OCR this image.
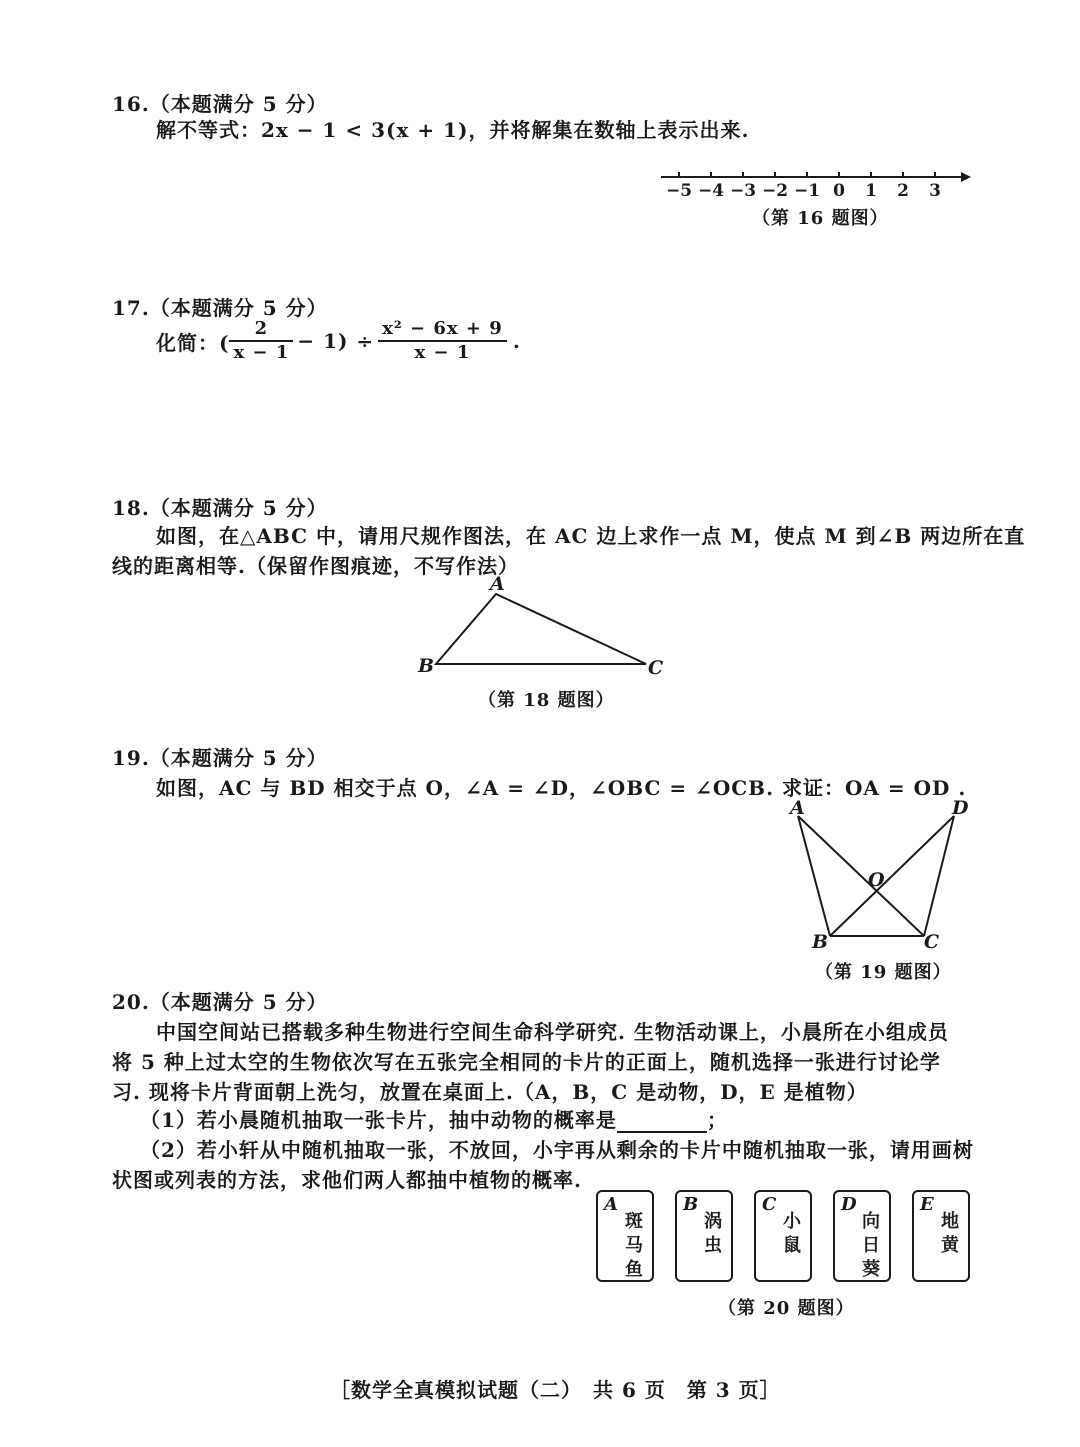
16.（本题满分 5 分）
解不等式：2x − 1 < 3(x + 1)，并将解集在数轴上表示出来.
−5 −4 −3 −2 −1 0 1 2 3
（第 16 题图）
17.（本题满分 5 分）
化简：( $\frac{2}{x - 1} - 1) \div \frac{\text{x² − 6x + 9}}{x - 1}$ .
18.（本题满分 5 分）
如图，在△ABC 中，请用尺规作图法，在 AC 边上求作一点 M，使点 M 到∠B 两边所在直
线的距离相等.（保留作图痕迹，不写作法）
A
B	C
（第 18 题图）
19.（本题满分 5 分）
如图，AC 与 BD 相交于点 O，∠A = ∠D，∠OBC = ∠OCB. 求证：OA = OD .
A	D
O
B	C
（第 19 题图）
20.（本题满分 5 分）
中国空间站已搭载多种生物进行空间生命科学研究. 生物活动课上，小晨所在小组成员
将 5 种上过太空的生物依次写在五张完全相同的卡片的正面上，随机选择一张进行讨论学
习. 现将卡片背面朝上洗匀，放置在桌面上.（A，B，C 是动物，D，E 是植物）
（1）若小晨随机抽取一张卡片，抽中动物的概率是	；
（2）若小轩从中随机抽取一张，不放回，小宇再从剩余的卡片中随机抽取一张，请用画树
状图或列表的方法，求他们两人都抽中植物的概率.
A
斑马鱼
B
涡虫
C
小鼠
D
向日葵
E
地黄
（第 20 题图）
［数学全真模拟试题（二）　共 6 页　第 3 页］
